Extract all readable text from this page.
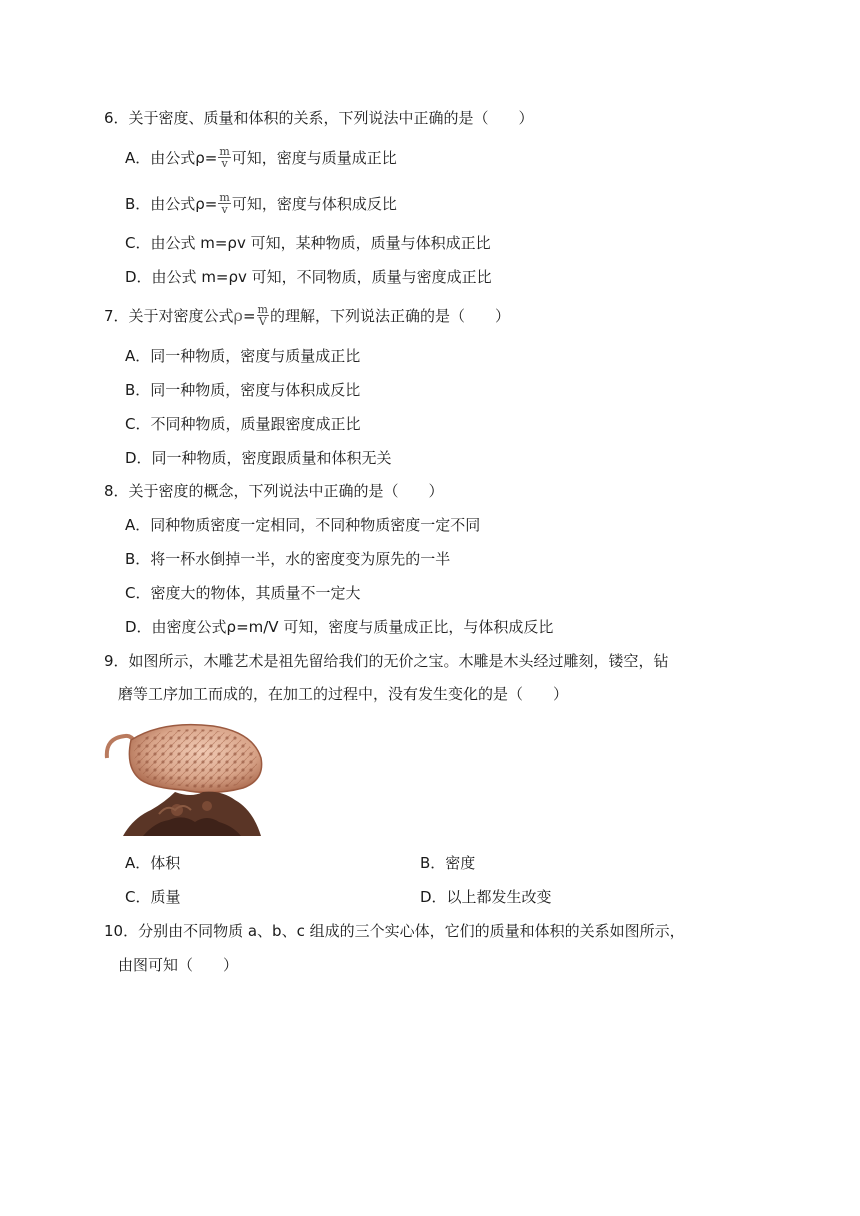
6．关于密度、质量和体积的关系，下列说法中正确的是（　　）
A．由公式$\rho= \frac{m}{v}$ 可知，密度与质量成正比
B．由公式$\rho= \frac{m}{v}$ 可知，密度与体积成反比
C．由公式 m=ρv 可知，某种物质，质量与体积成正比
D．由公式 m=ρv 可知，不同物质，质量与密度成正比
7．关于对密度公式$\rho= \frac{m}{V}$ 的理解，下列说法正确的是（　　）
A．同一种物质，密度与质量成正比
B．同一种物质，密度与体积成反比
C．不同种物质，质量跟密度成正比
D．同一种物质，密度跟质量和体积无关
8．关于密度的概念，下列说法中正确的是（　　）
A．同种物质密度一定相同，不同种物质密度一定不同
B．将一杯水倒掉一半，水的密度变为原先的一半
C．密度大的物体，其质量不一定大
D．由密度公式ρ=m/V 可知，密度与质量成正比，与体积成反比
9．如图所示，木雕艺术是祖先留给我们的无价之宝。木雕是木头经过雕刻，镂空，钻
磨等工序加工而成的，在加工的过程中，没有发生变化的是（　　）
A．体积	B．密度
C．质量	D．以上都发生改变
10．分别由不同物质 a、b、c 组成的三个实心体，它们的质量和体积的关系如图所示，
由图可知（　　）
